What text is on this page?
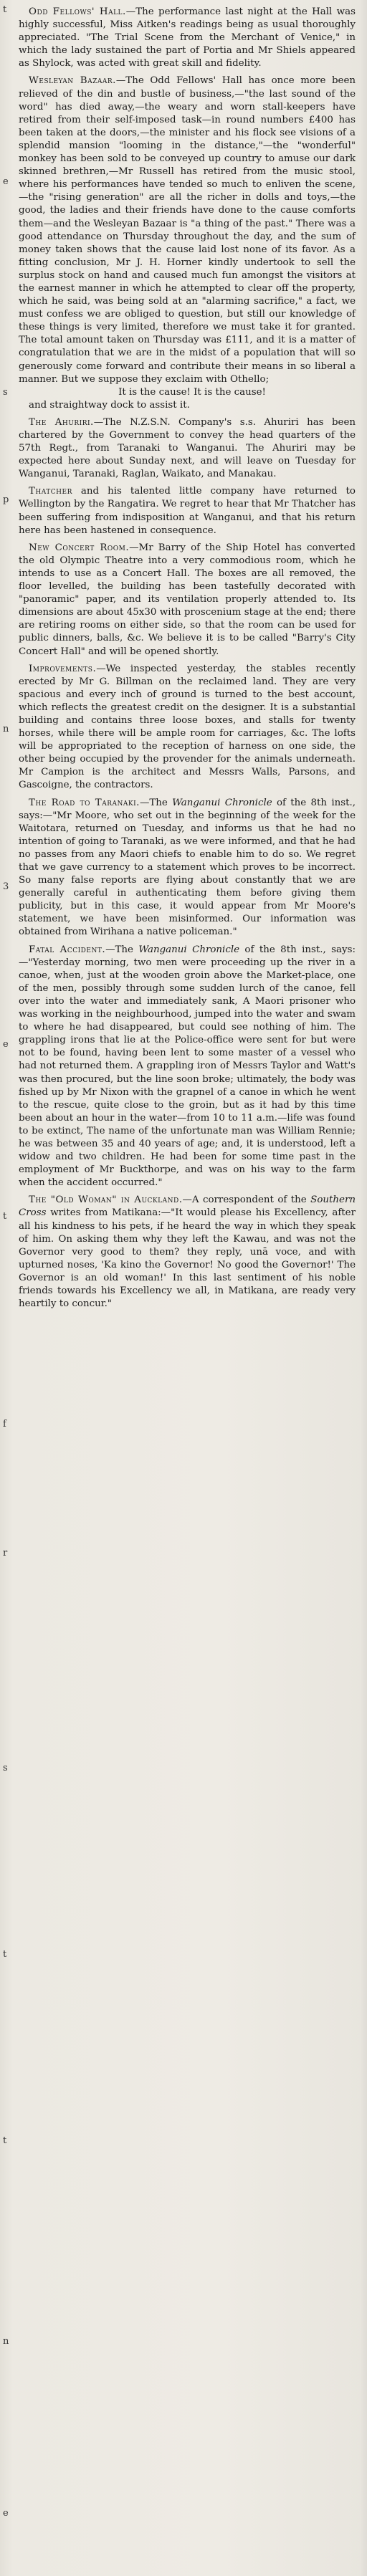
t
e
s
p
n
3
e
t
f
r
s
t
t
n
e
Odd Fellows' Hall.—The performance last night at the Hall was highly successful, Miss Aitken's readings being as usual thoroughly appreciated. "The Trial Scene from the Merchant of Venice," in which the lady sustained the part of Portia and Mr Shiels appeared as Shylock, was acted with great skill and fidelity.
Wesleyan Bazaar.—The Odd Fellows' Hall has once more been relieved of the din and bustle of business,—"the last sound of the word" has died away,—the weary and worn stall-keepers have retired from their self-imposed task—in round numbers £400 has been taken at the doors,—the minister and his flock see visions of a splendid mansion "looming in the distance,"—the "wonderful" monkey has been sold to be conveyed up country to amuse our dark skinned brethren,—Mr Russell has retired from the music stool, where his performances have tended so much to enliven the scene,—the "rising generation" are all the richer in dolls and toys,—the good, the ladies and their friends have done to the cause comforts them—and the Wesleyan Bazaar is "a thing of the past." There was a good attendance on Thursday throughout the day, and the sum of money taken shows that the cause laid lost none of its favor. As a fitting conclusion, Mr J. H. Horner kindly undertook to sell the surplus stock on hand and caused much fun amongst the visitors at the earnest manner in which he attempted to clear off the property, which he said, was being sold at an "alarming sacrifice," a fact, we must confess we are obliged to question, but still our knowledge of these things is very limited, therefore we must take it for granted. The total amount taken on Thursday was £111, and it is a matter of congratulation that we are in the midst of a population that will so generously come forward and contribute their means in so liberal a manner. But we suppose they exclaim with Othello;

It is the cause! It is the cause!

and straightway dock to assist it.

The Ahuriri.—The N.Z.S.N. Company's s.s. Ahuriri has been chartered by the Government to convey the head quarters of the 57th Regt., from Taranaki to Wanganui. The Ahuriri may be expected here about Sunday next, and will leave on Tuesday for Wanganui, Taranaki, Raglan, Waikato, and Manakau.
Thatcher and his talented little company have returned to Wellington by the Rangatira. We regret to hear that Mr Thatcher has been suffering from indisposition at Wanganui, and that his return here has been hastened in consequence.
New Concert Room.—Mr Barry of the Ship Hotel has converted the old Olympic Theatre into a very commodious room, which he intends to use as a Concert Hall. The boxes are all removed, the floor levelled, the building has been tastefully decorated with "panoramic" paper, and its ventilation properly attended to. Its dimensions are about 45x30 with proscenium stage at the end; there are retiring rooms on either side, so that the room can be used for public dinners, balls, &c. We believe it is to be called "Barry's City Concert Hall" and will be opened shortly.
Improvements.—We inspected yesterday, the stables recently erected by Mr G. Billman on the reclaimed land. They are very spacious and every inch of ground is turned to the best account, which reflects the greatest credit on the designer. It is a substantial building and contains three loose boxes, and stalls for twenty horses, while there will be ample room for carriages, &c. The lofts will be appropriated to the reception of harness on one side, the other being occupied by the provender for the animals underneath. Mr Campion is the architect and Messrs Walls, Parsons, and Gascoigne, the contractors.
The Road to Taranaki.—The Wanganui Chronicle of the 8th inst., says:—"Mr Moore, who set out in the beginning of the week for the Waitotara, returned on Tuesday, and informs us that he had no intention of going to Taranaki, as we were informed, and that he had no passes from any Maori chiefs to enable him to do so. We regret that we gave currency to a statement which proves to be incorrect. So many false reports are flying about constantly that we are generally careful in authenticating them before giving them publicity, but in this case, it would appear from Mr Moore's statement, we have been misinformed. Our information was obtained from Wirihana a native policeman."
Fatal Accident.—The Wanganui Chronicle of the 8th inst., says:—"Yesterday morning, two men were proceeding up the river in a canoe, when, just at the wooden groin above the Market-place, one of the men, possibly through some sudden lurch of the canoe, fell over into the water and immediately sank, A Maori prisoner who was working in the neighbourhood, jumped into the water and swam to where he had disappeared, but could see nothing of him. The grappling irons that lie at the Police-office were sent for but were not to be found, having been lent to some master of a vessel who had not returned them. A grappling iron of Messrs Taylor and Watt's was then procured, but the line soon broke; ultimately, the body was fished up by Mr Nixon with the grapnel of a canoe in which he went to the rescue, quite close to the groin, but as it had by this time been about an hour in the water—from 10 to 11 a.m.—life was found to be extinct, The name of the unfortunate man was William Rennie; he was between 35 and 40 years of age; and, it is understood, left a widow and two children. He had been for some time past in the employment of Mr Buckthorpe, and was on his way to the farm when the accident occurred."
The "Old Woman" in Auckland.—A correspondent of the Southern Cross writes from Matikana:—"It would please his Excellency, after all his kindness to his pets, if he heard the way in which they speak of him. On asking them why they left the Kawau, and was not the Governor very good to them? they reply, unā voce, and with upturned noses, 'Ka kino the Governor! No good the Governor!' The Governor is an old woman!' In this last sentiment of his noble friends towards his Excellency we all, in Matikana, are ready very heartily to concur."
